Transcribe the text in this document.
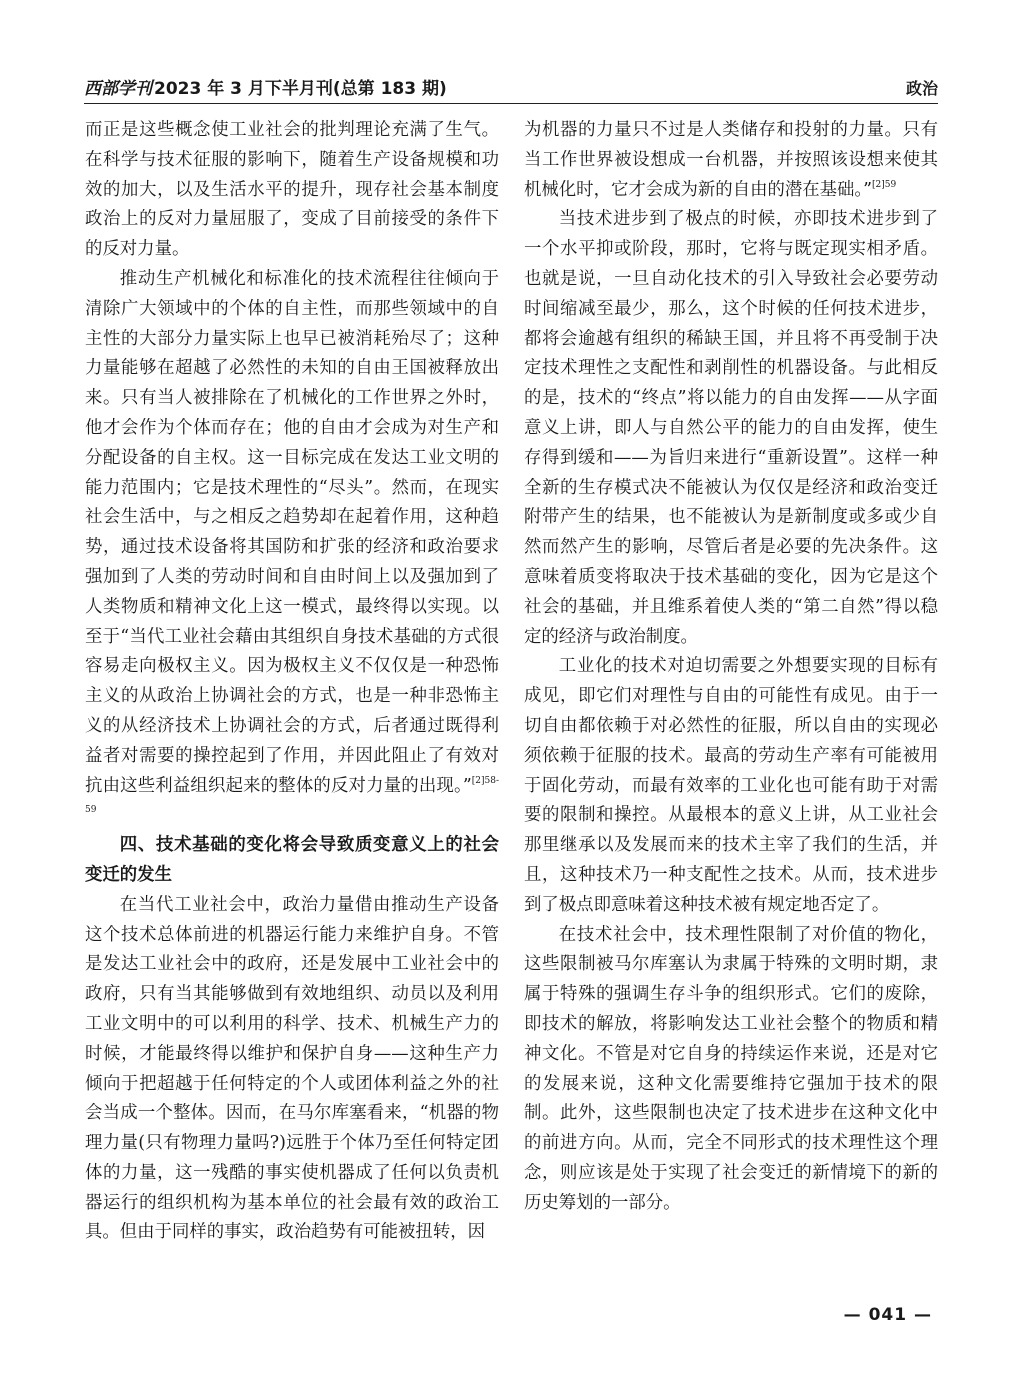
西部学刊 2023 年 3 月下半月刊(总第 183 期)	政治

而正是这些概念使工业社会的批判理论充满了生气。在科学与技术征服的影响下，随着生产设备规模和功效的加大，以及生活水平的提升，现存社会基本制度政治上的反对力量屈服了，变成了目前接受的条件下的反对力量。

推动生产机械化和标准化的技术流程往往倾向于清除广大领域中的个体的自主性，而那些领域中的自主性的大部分力量实际上也早已被消耗殆尽了；这种力量能够在超越了必然性的未知的自由王国被释放出来。只有当人被排除在了机械化的工作世界之外时，他才会作为个体而存在；他的自由才会成为对生产和分配设备的自主权。这一目标完成在发达工业文明的能力范围内；它是技术理性的“尽头”。然而，在现实社会生活中，与之相反之趋势却在起着作用，这种趋势，通过技术设备将其国防和扩张的经济和政治要求强加到了人类的劳动时间和自由时间上以及强加到了人类物质和精神文化上这一模式，最终得以实现。以至于“当代工业社会藉由其组织自身技术基础的方式很容易走向极权主义。因为极权主义不仅仅是一种恐怖主义的从政治上协调社会的方式，也是一种非恐怖主义的从经济技术上协调社会的方式，后者通过既得利益者对需要的操控起到了作用，并因此阻止了有效对抗由这些利益组织起来的整体的反对力量的出现。”$^{[2]58-59}$

四、技术基础的变化将会导致质变意义上的社会变迁的发生

在当代工业社会中，政治力量借由推动生产设备这个技术总体前进的机器运行能力来维护自身。不管是发达工业社会中的政府，还是发展中工业社会中的政府，只有当其能够做到有效地组织、动员以及利用工业文明中的可以利用的科学、技术、机械生产力的时候，才能最终得以维护和保护自身——这种生产力倾向于把超越于任何特定的个人或团体利益之外的社会当成一个整体。因而，在马尔库塞看来，“机器的物理力量(只有物理力量吗?)远胜于个体乃至任何特定团体的力量，这一残酷的事实使机器成了任何以负责机器运行的组织机构为基本单位的社会最有效的政治工具。但由于同样的事实，政治趋势有可能被扭转，因

为机器的力量只不过是人类储存和投射的力量。只有当工作世界被设想成一台机器，并按照该设想来使其机械化时，它才会成为新的自由的潜在基础。”$^{[2]59}$

当技术进步到了极点的时候，亦即技术进步到了一个水平抑或阶段，那时，它将与既定现实相矛盾。也就是说，一旦自动化技术的引入导致社会必要劳动时间缩减至最少，那么，这个时候的任何技术进步，都将会逾越有组织的稀缺王国，并且将不再受制于决定技术理性之支配性和剥削性的机器设备。与此相反的是，技术的“终点”将以能力的自由发挥——从字面意义上讲，即人与自然公平的能力的自由发挥，使生存得到缓和——为旨归来进行“重新设置”。这样一种全新的生存模式决不能被认为仅仅是经济和政治变迁附带产生的结果，也不能被认为是新制度或多或少自然而然产生的影响，尽管后者是必要的先决条件。这意味着质变将取决于技术基础的变化，因为它是这个社会的基础，并且维系着使人类的“第二自然”得以稳定的经济与政治制度。

工业化的技术对迫切需要之外想要实现的目标有成见，即它们对理性与自由的可能性有成见。由于一切自由都依赖于对必然性的征服，所以自由的实现必须依赖于征服的技术。最高的劳动生产率有可能被用于固化劳动，而最有效率的工业化也可能有助于对需要的限制和操控。从最根本的意义上讲，从工业社会那里继承以及发展而来的技术主宰了我们的生活，并且，这种技术乃一种支配性之技术。从而，技术进步到了极点即意味着这种技术被有规定地否定了。

在技术社会中，技术理性限制了对价值的物化，这些限制被马尔库塞认为隶属于特殊的文明时期，隶属于特殊的强调生存斗争的组织形式。它们的废除，即技术的解放，将影响发达工业社会整个的物质和精神文化。不管是对它自身的持续运作来说，还是对它的发展来说，这种文化需要维持它强加于技术的限制。此外，这些限制也决定了技术进步在这种文化中的前进方向。从而，完全不同形式的技术理性这个理念，则应该是处于实现了社会变迁的新情境下的新的历史筹划的一部分。

— 041 —
